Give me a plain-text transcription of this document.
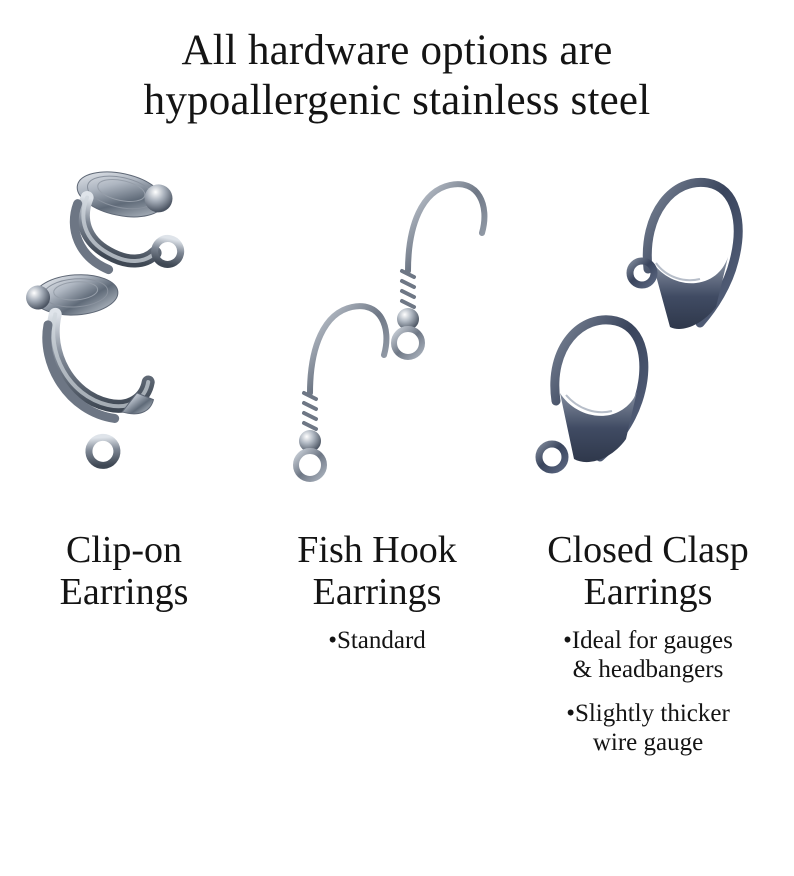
All hardware options are
hypoallergenic stainless steel
Clip-on
Earrings
Fish Hook
Earrings
•Standard
Closed Clasp
Earrings
•Ideal for gauges
& headbangers
•Slightly thicker
wire gauge
